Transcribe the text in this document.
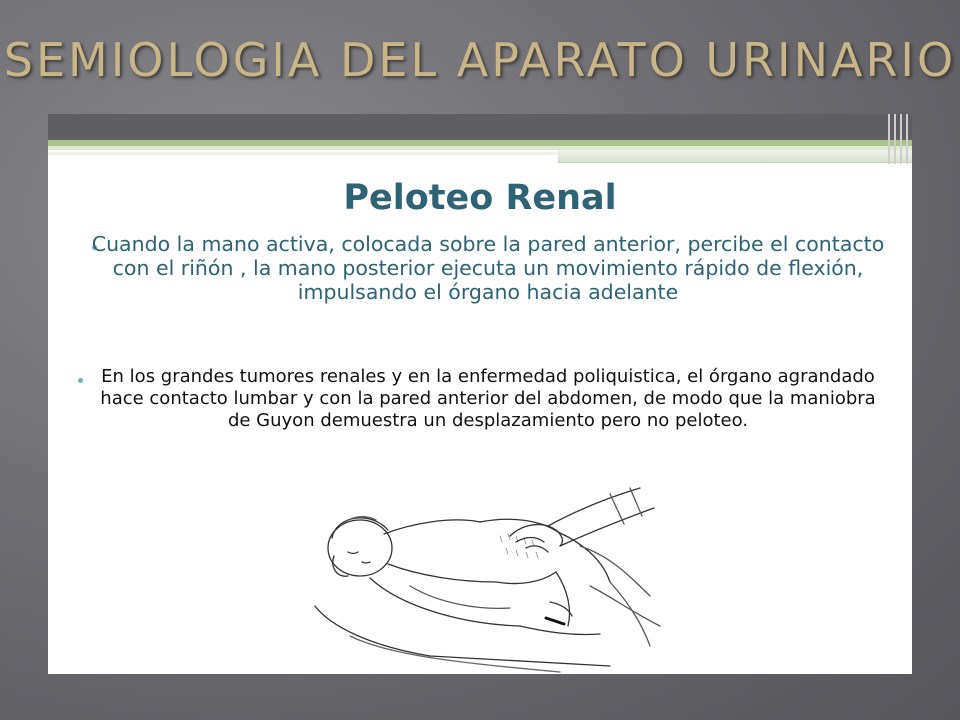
SEMIOLOGIA DEL APARATO URINARIO
Peloteo Renal

Cuando la mano activa, colocada sobre la pared anterior, percibe el contacto con el riñón , la mano posterior ejecuta un movimiento rápido de flexión, impulsando el órgano hacia adelante

En los grandes tumores renales y en la enfermedad poliquistica, el órgano agrandado hace contacto lumbar y con la pared anterior del abdomen, de modo que la maniobra de Guyon demuestra un desplazamiento pero no peloteo.
